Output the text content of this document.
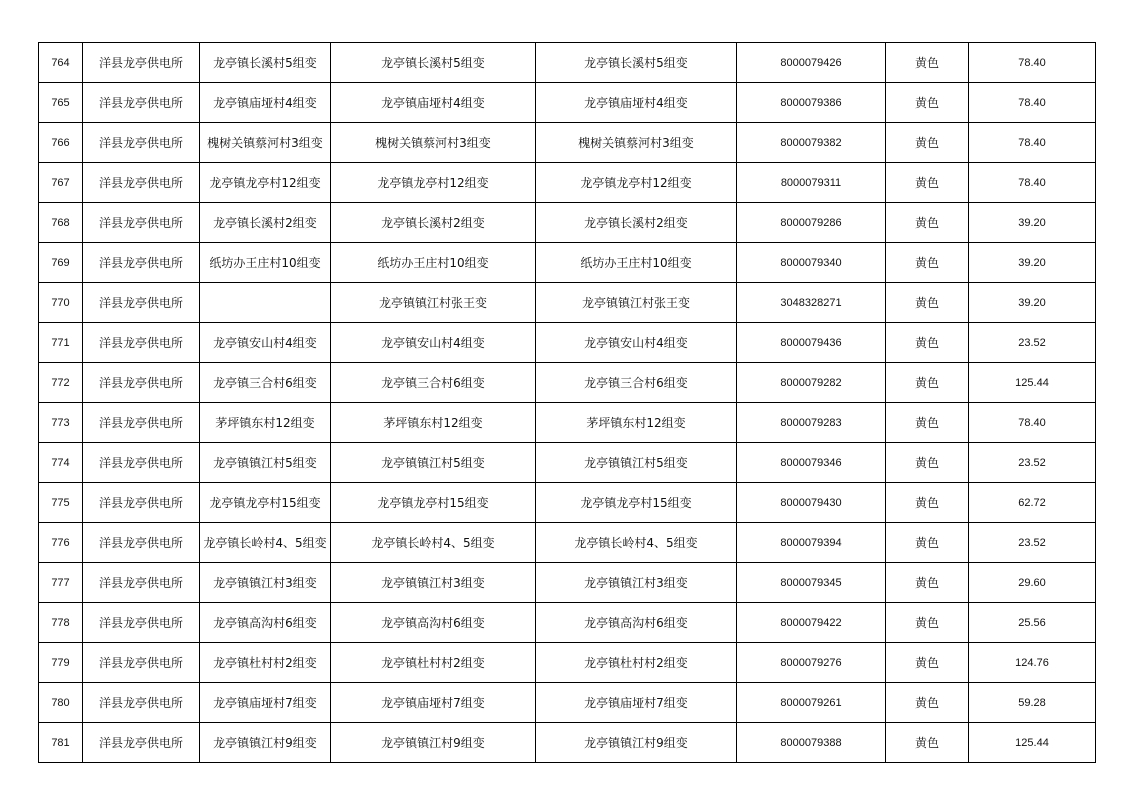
764	洋县龙亭供电所	龙亭镇长溪村5组变	龙亭镇长溪村5组变	龙亭镇长溪村5组变	8000079426	黄色	78.40
765	洋县龙亭供电所	龙亭镇庙垭村4组变	龙亭镇庙垭村4组变	龙亭镇庙垭村4组变	8000079386	黄色	78.40
766	洋县龙亭供电所	槐树关镇蔡河村3组变	槐树关镇蔡河村3组变	槐树关镇蔡河村3组变	8000079382	黄色	78.40
767	洋县龙亭供电所	龙亭镇龙亭村12组变	龙亭镇龙亭村12组变	龙亭镇龙亭村12组变	8000079311	黄色	78.40
768	洋县龙亭供电所	龙亭镇长溪村2组变	龙亭镇长溪村2组变	龙亭镇长溪村2组变	8000079286	黄色	39.20
769	洋县龙亭供电所	纸坊办王庄村10组变	纸坊办王庄村10组变	纸坊办王庄村10组变	8000079340	黄色	39.20
770	洋县龙亭供电所		龙亭镇镇江村张王变	龙亭镇镇江村张王变	3048328271	黄色	39.20
771	洋县龙亭供电所	龙亭镇安山村4组变	龙亭镇安山村4组变	龙亭镇安山村4组变	8000079436	黄色	23.52
772	洋县龙亭供电所	龙亭镇三合村6组变	龙亭镇三合村6组变	龙亭镇三合村6组变	8000079282	黄色	125.44
773	洋县龙亭供电所	茅坪镇东村12组变	茅坪镇东村12组变	茅坪镇东村12组变	8000079283	黄色	78.40
774	洋县龙亭供电所	龙亭镇镇江村5组变	龙亭镇镇江村5组变	龙亭镇镇江村5组变	8000079346	黄色	23.52
775	洋县龙亭供电所	龙亭镇龙亭村15组变	龙亭镇龙亭村15组变	龙亭镇龙亭村15组变	8000079430	黄色	62.72
776	洋县龙亭供电所	龙亭镇长岭村4、5组变	龙亭镇长岭村4、5组变	龙亭镇长岭村4、5组变	8000079394	黄色	23.52
777	洋县龙亭供电所	龙亭镇镇江村3组变	龙亭镇镇江村3组变	龙亭镇镇江村3组变	8000079345	黄色	29.60
778	洋县龙亭供电所	龙亭镇高沟村6组变	龙亭镇高沟村6组变	龙亭镇高沟村6组变	8000079422	黄色	25.56
779	洋县龙亭供电所	龙亭镇杜村村2组变	龙亭镇杜村村2组变	龙亭镇杜村村2组变	8000079276	黄色	124.76
780	洋县龙亭供电所	龙亭镇庙垭村7组变	龙亭镇庙垭村7组变	龙亭镇庙垭村7组变	8000079261	黄色	59.28
781	洋县龙亭供电所	龙亭镇镇江村9组变	龙亭镇镇江村9组变	龙亭镇镇江村9组变	8000079388	黄色	125.44
